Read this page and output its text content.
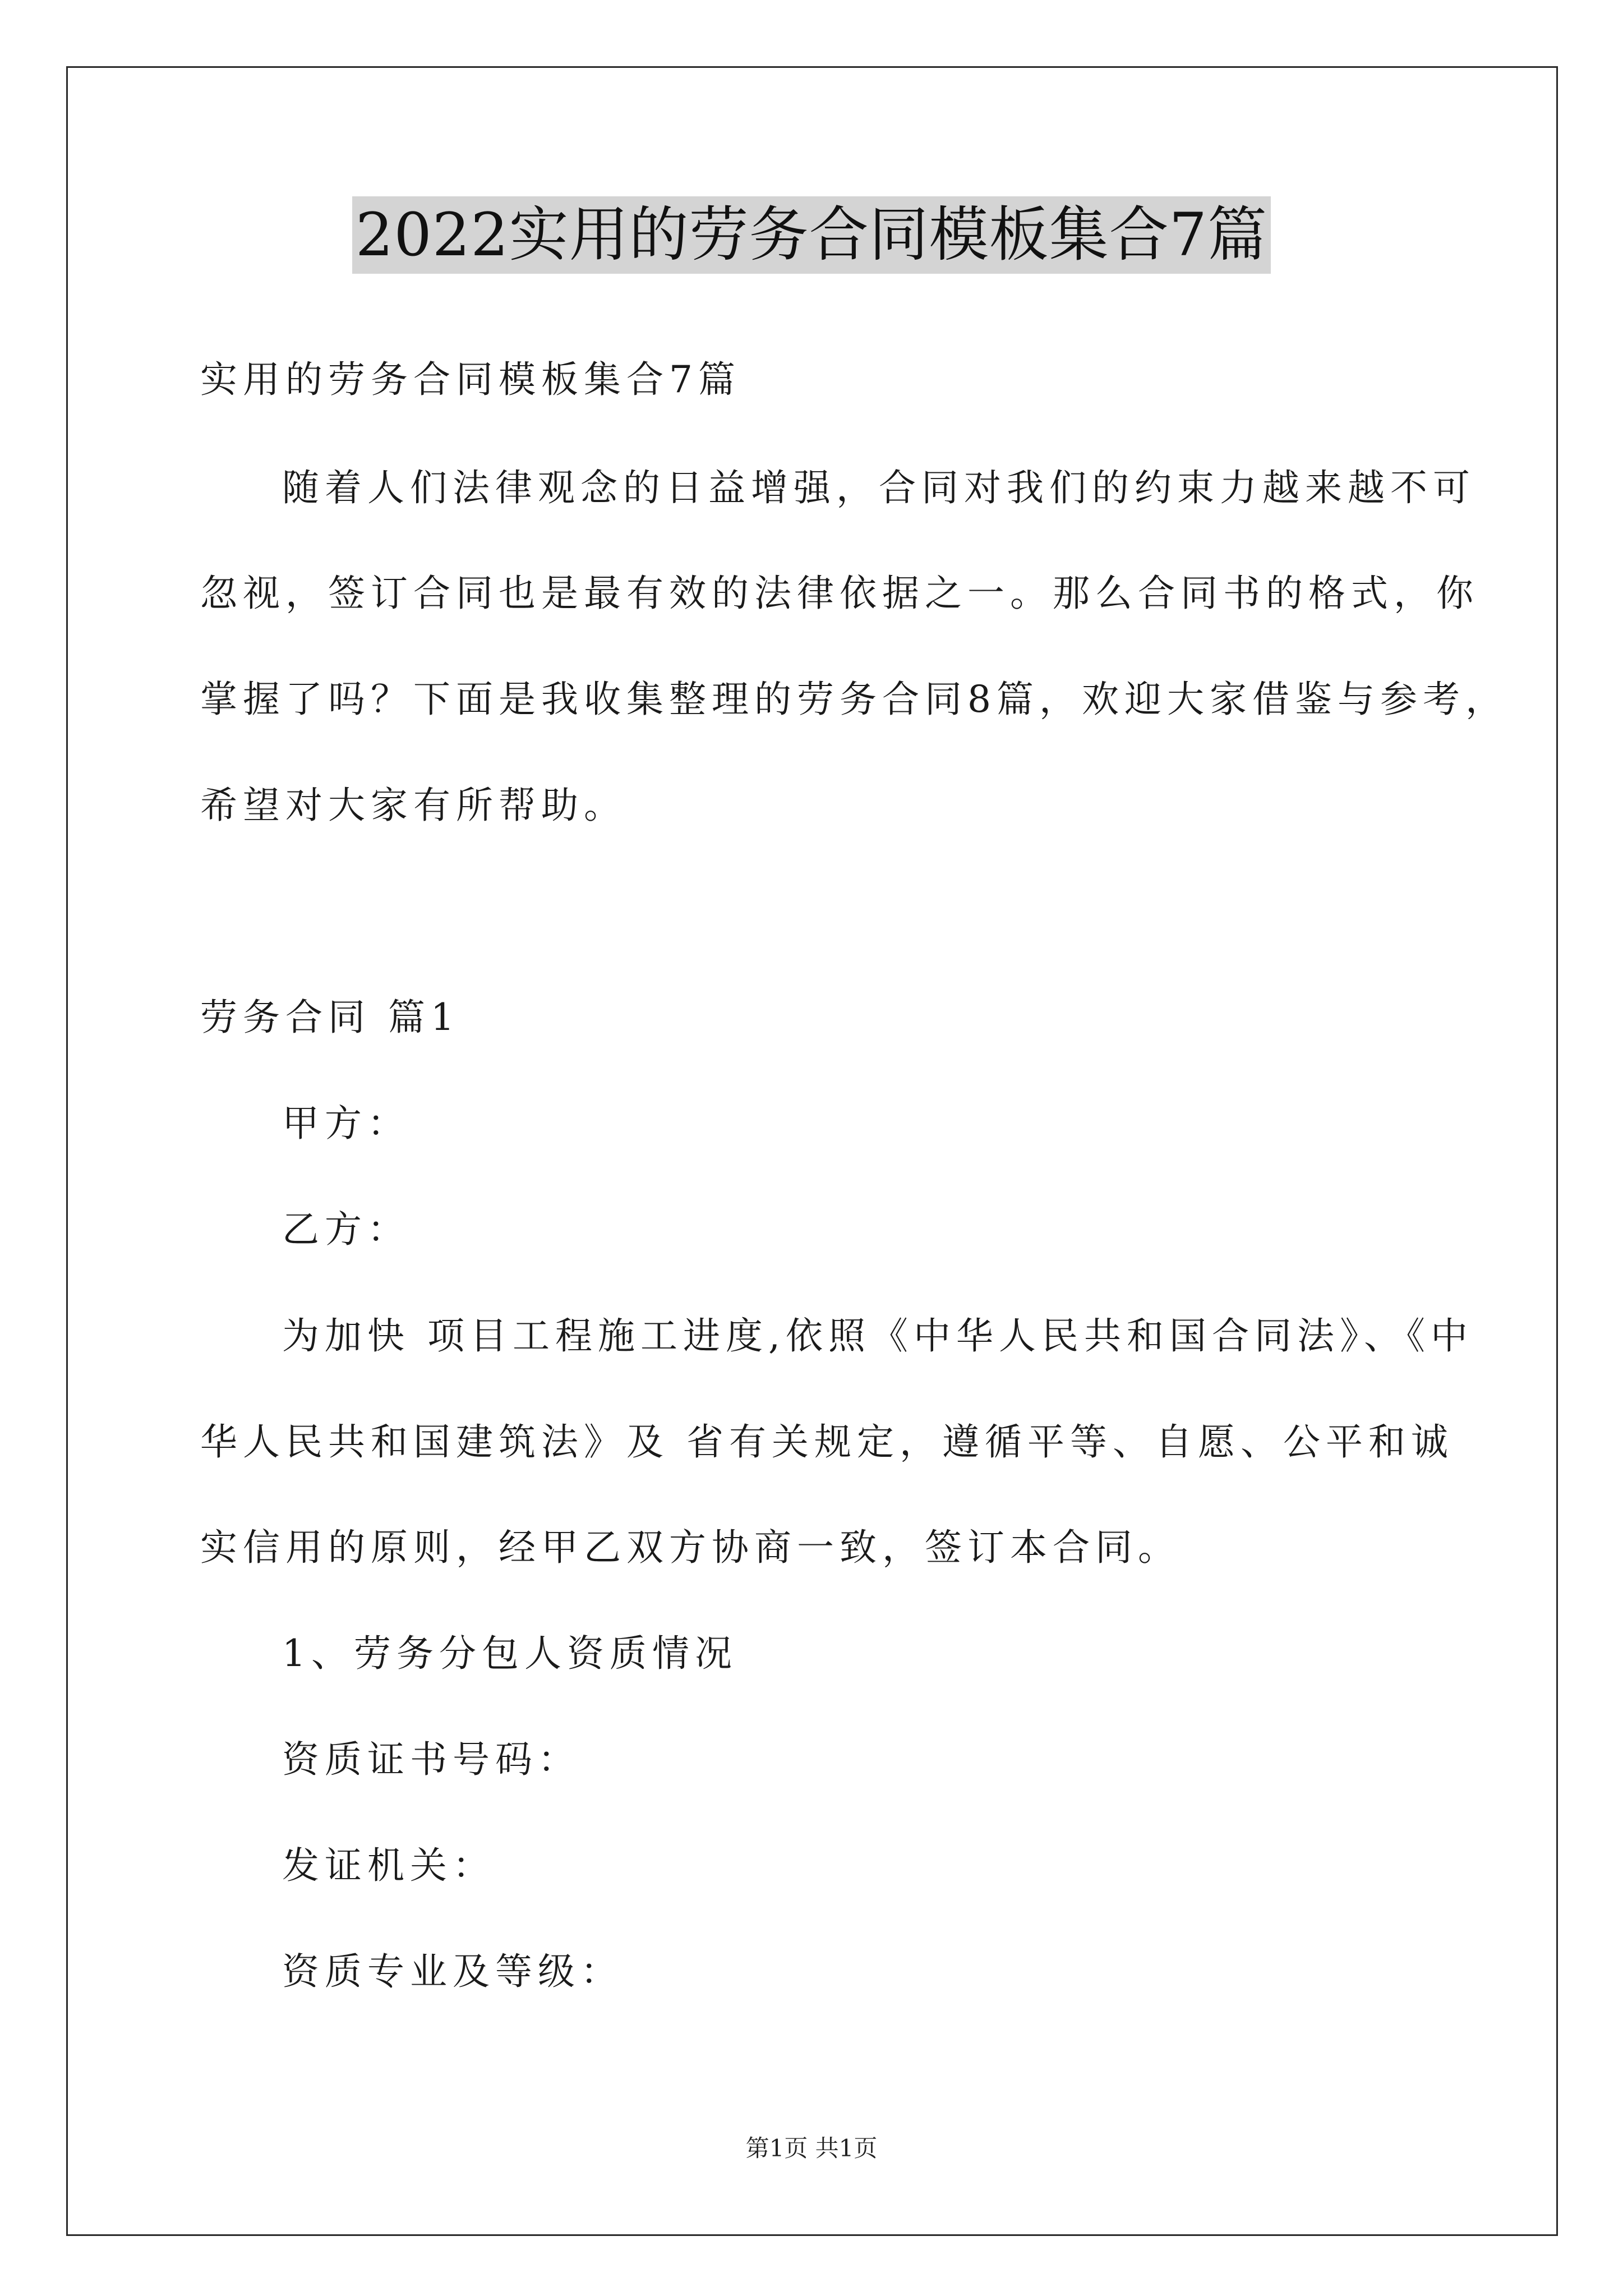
2022实用的劳务合同模板集合7篇
实用的劳务合同模板集合7篇
随着人们法律观念的日益增强，合同对我们的约束力越来越不可
忽视，签订合同也是最有效的法律依据之一。那么合同书的格式，你
掌握了吗？下面是我收集整理的劳务合同8篇，欢迎大家借鉴与参考，
希望对大家有所帮助。
劳务合同 篇1
甲方：
乙方：
为加快 项目工程施工进度,依照《中华人民共和国合同法》、《中
华人民共和国建筑法》及 省有关规定，遵循平等、自愿、公平和诚
实信用的原则，经甲乙双方协商一致，签订本合同。
1、劳务分包人资质情况
资质证书号码：
发证机关：
资质专业及等级：
第1页 共1页
